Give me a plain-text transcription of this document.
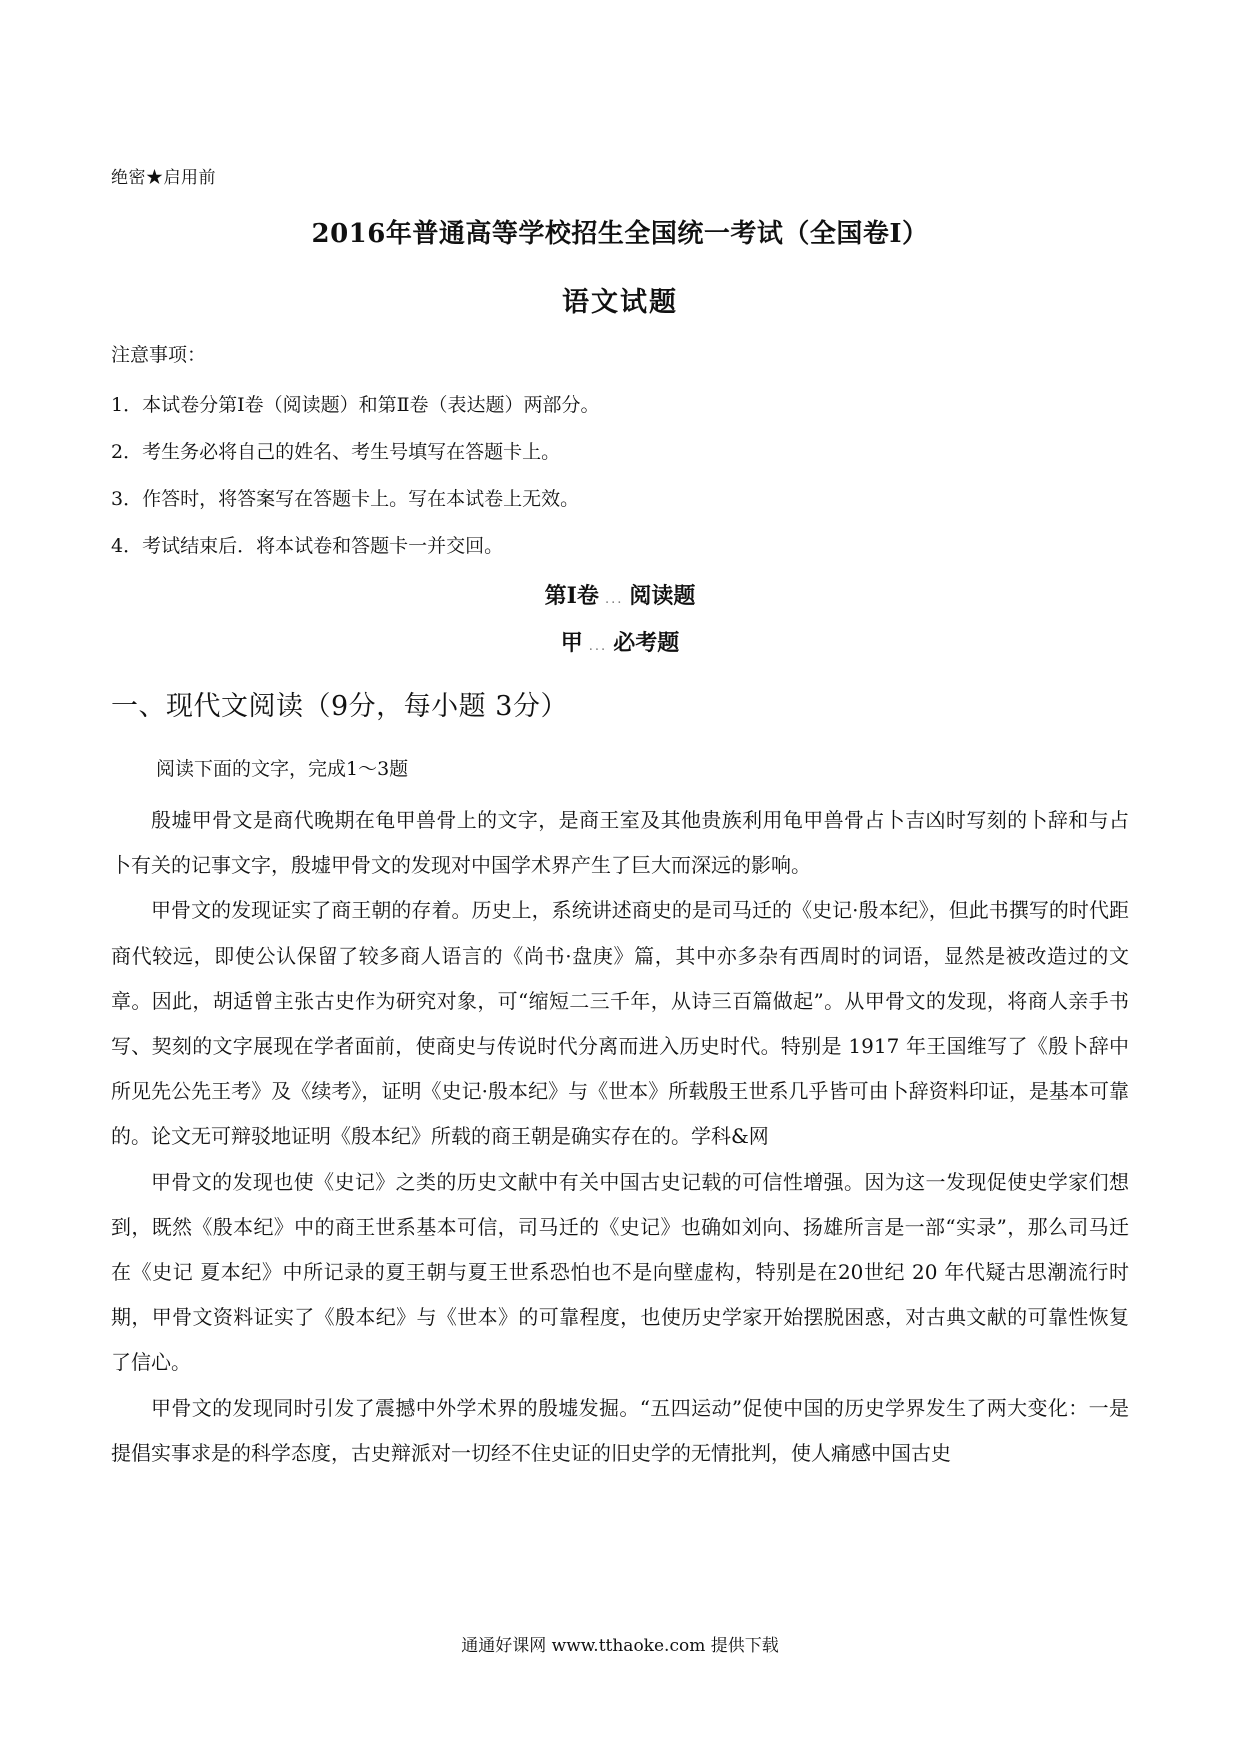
绝密★启用前
2016年普通高等学校招生全国统一考试（全国卷Ⅰ）
语文试题
注意事项：
1．本试卷分第Ⅰ卷（阅读题）和第Ⅱ卷（表达题）两部分。
2．考生务必将自己的姓名、考生号填写在答题卡上。
3．作答时，将答案写在答题卡上。写在本试卷上无效。
4．考试结束后．将本试卷和答题卡一并交回。
第Ⅰ卷 ... 阅读题
甲 ... 必考题
一、现代文阅读（9分，每小题 3分）
阅读下面的文字，完成1～3题

殷墟甲骨文是商代晚期在龟甲兽骨上的文字，是商王室及其他贵族利用龟甲兽骨占卜吉凶时写刻的卜辞和与占卜有关的记事文字，殷墟甲骨文的发现对中国学术界产生了巨大而深远的影响。

甲骨文的发现证实了商王朝的存着。历史上，系统讲述商史的是司马迁的《史记·殷本纪》，但此书撰写的时代距商代较远，即使公认保留了较多商人语言的《尚书·盘庚》篇，其中亦多杂有西周时的词语，显然是被改造过的文章。因此，胡适曾主张古史作为研究对象，可“缩短二三千年，从诗三百篇做起”。从甲骨文的发现，将商人亲手书写、契刻的文字展现在学者面前，使商史与传说时代分离而进入历史时代。特别是 1917 年王国维写了《殷卜辞中所见先公先王考》及《续考》，证明《史记·殷本纪》与《世本》所载殷王世系几乎皆可由卜辞资料印证，是基本可靠的。论文无可辩驳地证明《殷本纪》所载的商王朝是确实存在的。学科&网

甲骨文的发现也使《史记》之类的历史文献中有关中国古史记载的可信性增强。因为这一发现促使史学家们想到，既然《殷本纪》中的商王世系基本可信，司马迁的《史记》也确如刘向、扬雄所言是一部“实录”，那么司马迁在《史记 夏本纪》中所记录的夏王朝与夏王世系恐怕也不是向壁虚构，特别是在20世纪 20 年代疑古思潮流行时期，甲骨文资料证实了《殷本纪》与《世本》的可靠程度，也使历史学家开始摆脱困惑，对古典文献的可靠性恢复了信心。

甲骨文的发现同时引发了震撼中外学术界的殷墟发掘。“五四运动”促使中国的历史学界发生了两大变化：一是提倡实事求是的科学态度，古史辩派对一切经不住史证的旧史学的无情批判，使人痛感中国古史

通通好课网 www.tthaoke.com 提供下载
